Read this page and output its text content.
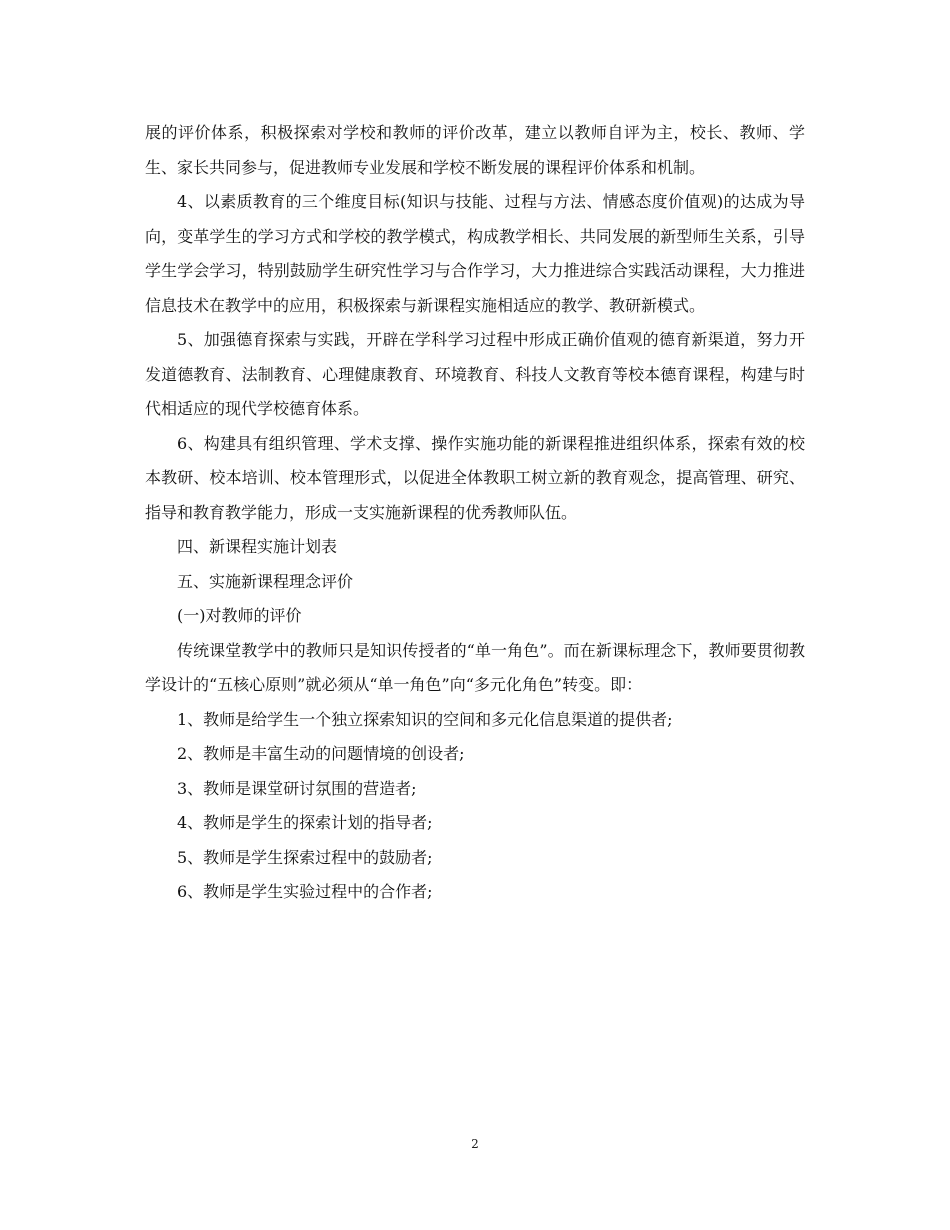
展的评价体系，积极探索对学校和教师的评价改革，建立以教师自评为主，校长、教师、学生、家长共同参与，促进教师专业发展和学校不断发展的课程评价体系和机制。

4、以素质教育的三个维度目标(知识与技能、过程与方法、情感态度价值观)的达成为导向，变革学生的学习方式和学校的教学模式，构成教学相长、共同发展的新型师生关系，引导学生学会学习，特别鼓励学生研究性学习与合作学习，大力推进综合实践活动课程，大力推进信息技术在教学中的应用，积极探索与新课程实施相适应的教学、教研新模式。

5、加强德育探索与实践，开辟在学科学习过程中形成正确价值观的德育新渠道，努力开发道德教育、法制教育、心理健康教育、环境教育、科技人文教育等校本德育课程，构建与时代相适应的现代学校德育体系。

6、构建具有组织管理、学术支撑、操作实施功能的新课程推进组织体系，探索有效的校本教研、校本培训、校本管理形式，以促进全体教职工树立新的教育观念，提高管理、研究、指导和教育教学能力，形成一支实施新课程的优秀教师队伍。

四、新课程实施计划表

五、实施新课程理念评价

(一)对教师的评价

传统课堂教学中的教师只是知识传授者的“单一角色”。而在新课标理念下，教师要贯彻教学设计的“五核心原则”就必须从“单一角色”向“多元化角色”转变。即：

1、教师是给学生一个独立探索知识的空间和多元化信息渠道的提供者;

2、教师是丰富生动的问题情境的创设者;

3、教师是课堂研讨氛围的营造者;

4、教师是学生的探索计划的指导者;

5、教师是学生探索过程中的鼓励者;

6、教师是学生实验过程中的合作者;

2
